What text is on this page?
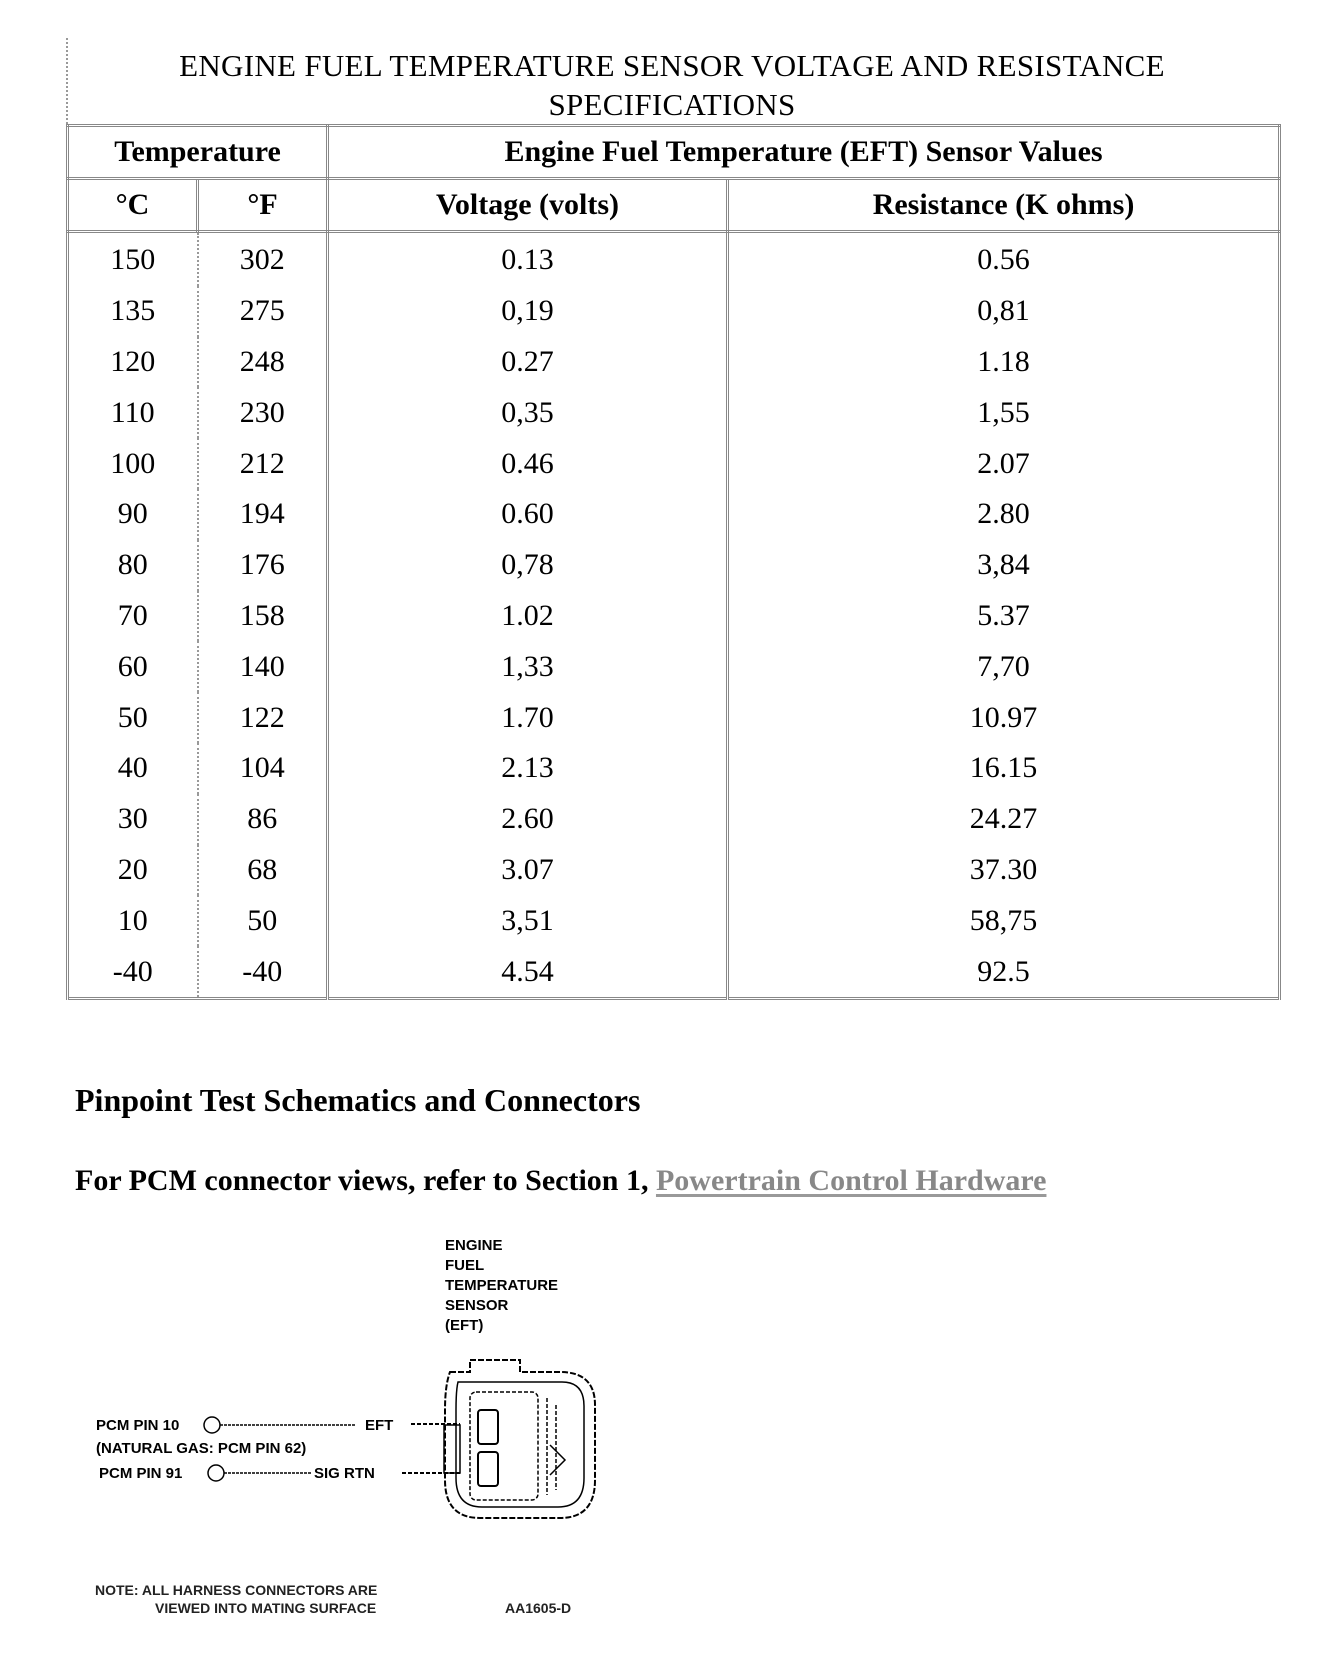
ENGINE FUEL TEMPERATURE SENSOR VOLTAGE AND RESISTANCE SPECIFICATIONS
Temperature		Engine Fuel Temperature (EFT) Sensor Values	
°C	°F	Voltage (volts)	Resistance (K ohms)
150	302	0.13	0.56
135	275	0,19	0,81
120	248	0.27	1.18
110	230	0,35	1,55
100	212	0.46	2.07
90	194	0.60	2.80
80	176	0,78	3,84
70	158	1.02	5.37
60	140	1,33	7,70
50	122	1.70	10.97
40	104	2.13	16.15
30	86	2.60	24.27
20	68	3.07	37.30
10	50	3,51	58,75
-40	-40	4.54	92.5
Pinpoint Test Schematics and Connectors

For PCM connector views, refer to Section 1, Powertrain Control Hardware

ENGINE
FUEL
TEMPERATURE
SENSOR
(EFT)
PCM PIN 10	EFT
(NATURAL GAS: PCM PIN 62)
PCM PIN 91	SIG RTN
NOTE: ALL HARNESS CONNECTORS ARE
VIEWED INTO MATING SURFACE	AA1605-D
